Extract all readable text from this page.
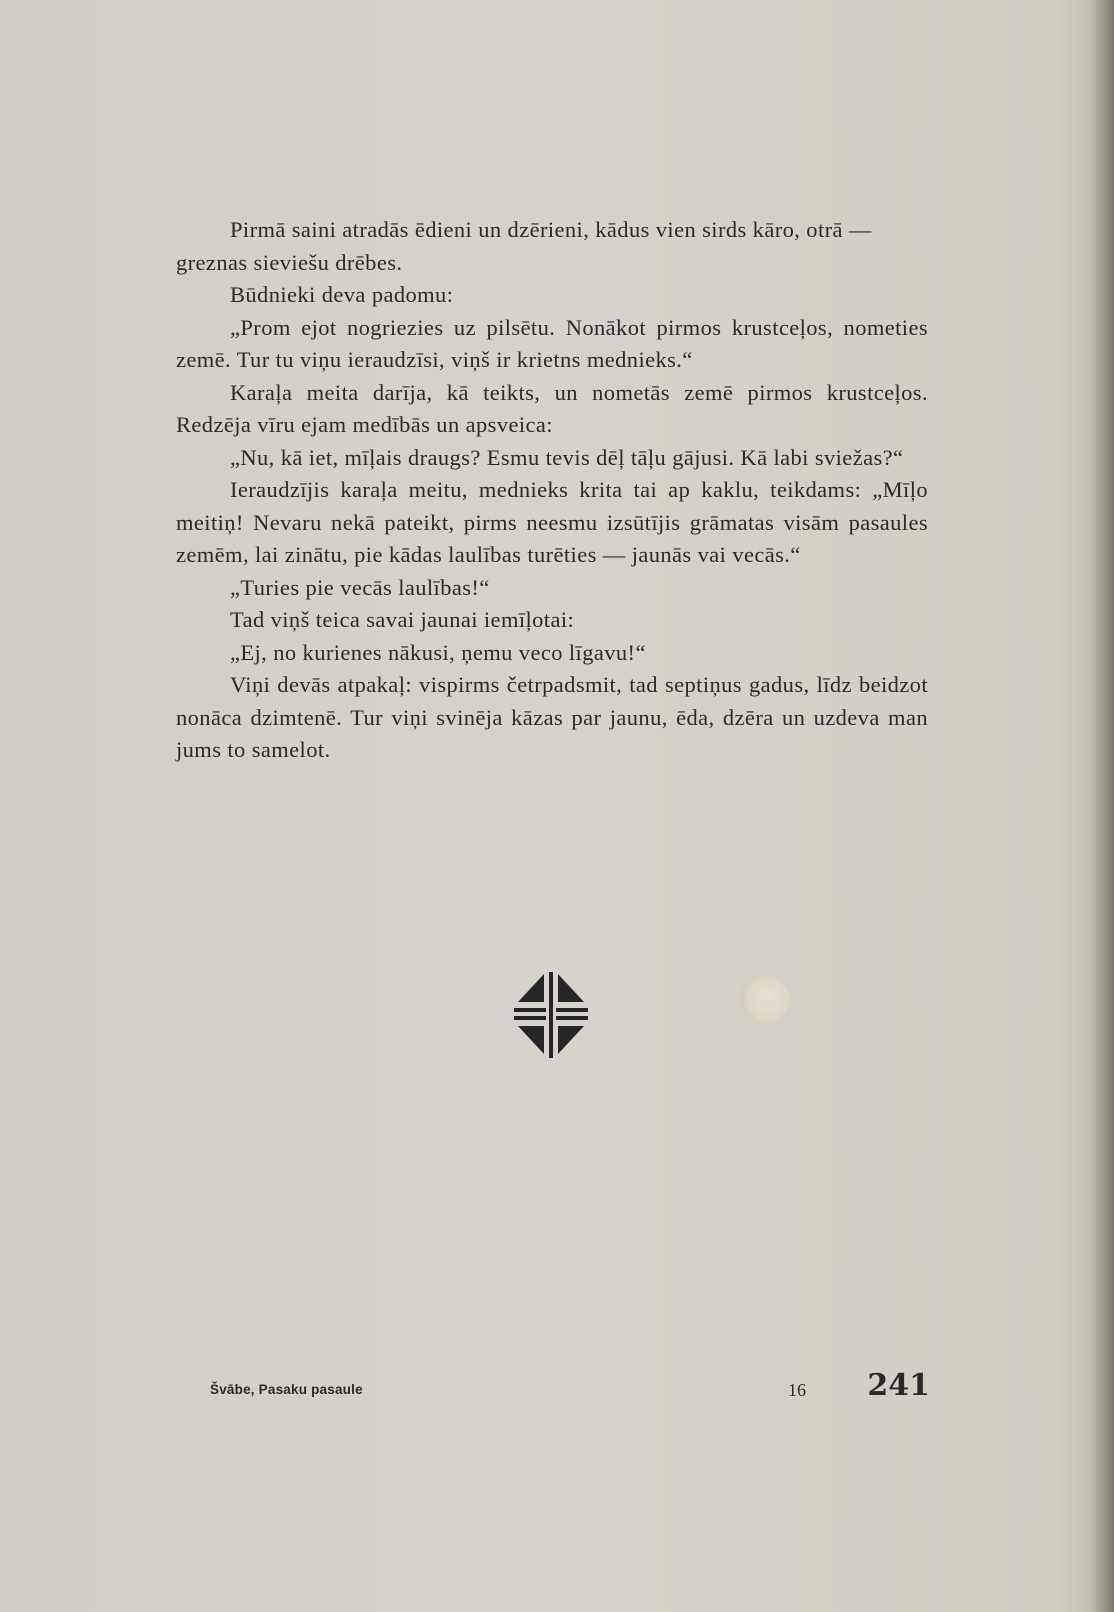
Pirmā saini atradās ēdieni un dzērieni, kādus vien sirds kāro, otrā — greznas sieviešu drēbes.

Būdnieki deva padomu:

„Prom ejot nogriezies uz pilsētu. Nonākot pirmos krustceļos, nometies zemē. Tur tu viņu ieraudzīsi, viņš ir krietns mednieks.“

Karaļa meita darīja, kā teikts, un nometās zemē pirmos krustceļos. Redzēja vīru ejam medībās un apsveica:

„Nu, kā iet, mīļais draugs? Esmu tevis dēļ tāļu gājusi. Kā labi sviežas?“

Ieraudzījis karaļa meitu, mednieks krita tai ap kaklu, teikdams: „Mīļo meitiņ! Nevaru nekā pateikt, pirms neesmu izsūtījis grāmatas visām pasaules zemēm, lai zinātu, pie kādas laulības turēties — jaunās vai vecās.“

„Turies pie vecās laulības!“

Tad viņš teica savai jaunai iemīļotai:

„Ej, no kurienes nākusi, ņemu veco līgavu!“

Viņi devās atpakaļ: vispirms četrpadsmit, tad septiņus gadus, līdz beidzot nonāca dzimtenē. Tur viņi svinēja kāzas par jaunu, ēda, dzēra un uzdeva man jums to samelot.

Švābe, Pasaku pasaule	16 241
